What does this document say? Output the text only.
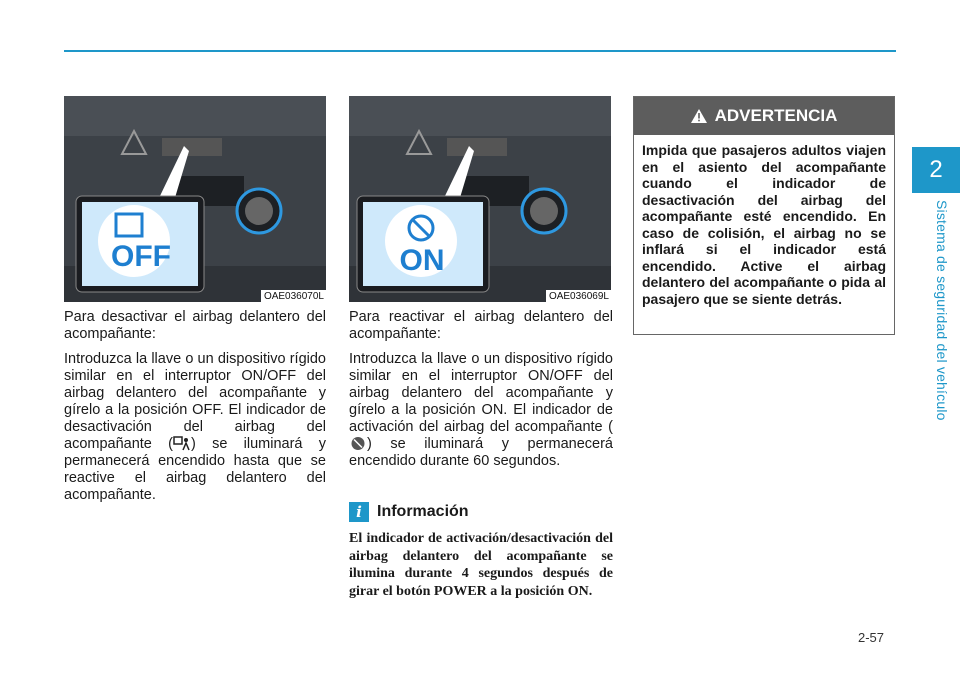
2
Sistema de seguridad del vehículo
OFF
OAE036070L
ON
OAE036069L

Para desactivar el airbag delantero del acompañante:

Introduzca la llave o un dispositivo rígido similar en el interruptor ON/OFF del airbag delantero del acompañante y gírelo a la posición OFF. El indicador de desactivación del airbag del acompañante ( ) se iluminará y permanecerá encendido hasta que se reactive el airbag delantero del acompañante.

Para reactivar el airbag delantero del acompañante:

Introduzca la llave o un dispositivo rígido similar en el interruptor ON/OFF del airbag delantero del acompañante y gírelo a la posición ON. El indicador de activación del airbag del acompañante () se iluminará y permanecerá encendido durante 60 segundos.

i Información
El indicador de activación/desactivación del airbag delantero del acompañante se ilumina durante 4 segundos después de girar el botón POWER a la posición ON.
ADVERTENCIA
Impida que pasajeros adultos viajen en el asiento del acompañante cuando el indicador de desactivación del airbag del acompañante esté encendido. En caso de colisión, el airbag no se inflará si el indicador está encendido. Active el airbag delantero del acompañante o pida al pasajero que se siente detrás.
2-57
